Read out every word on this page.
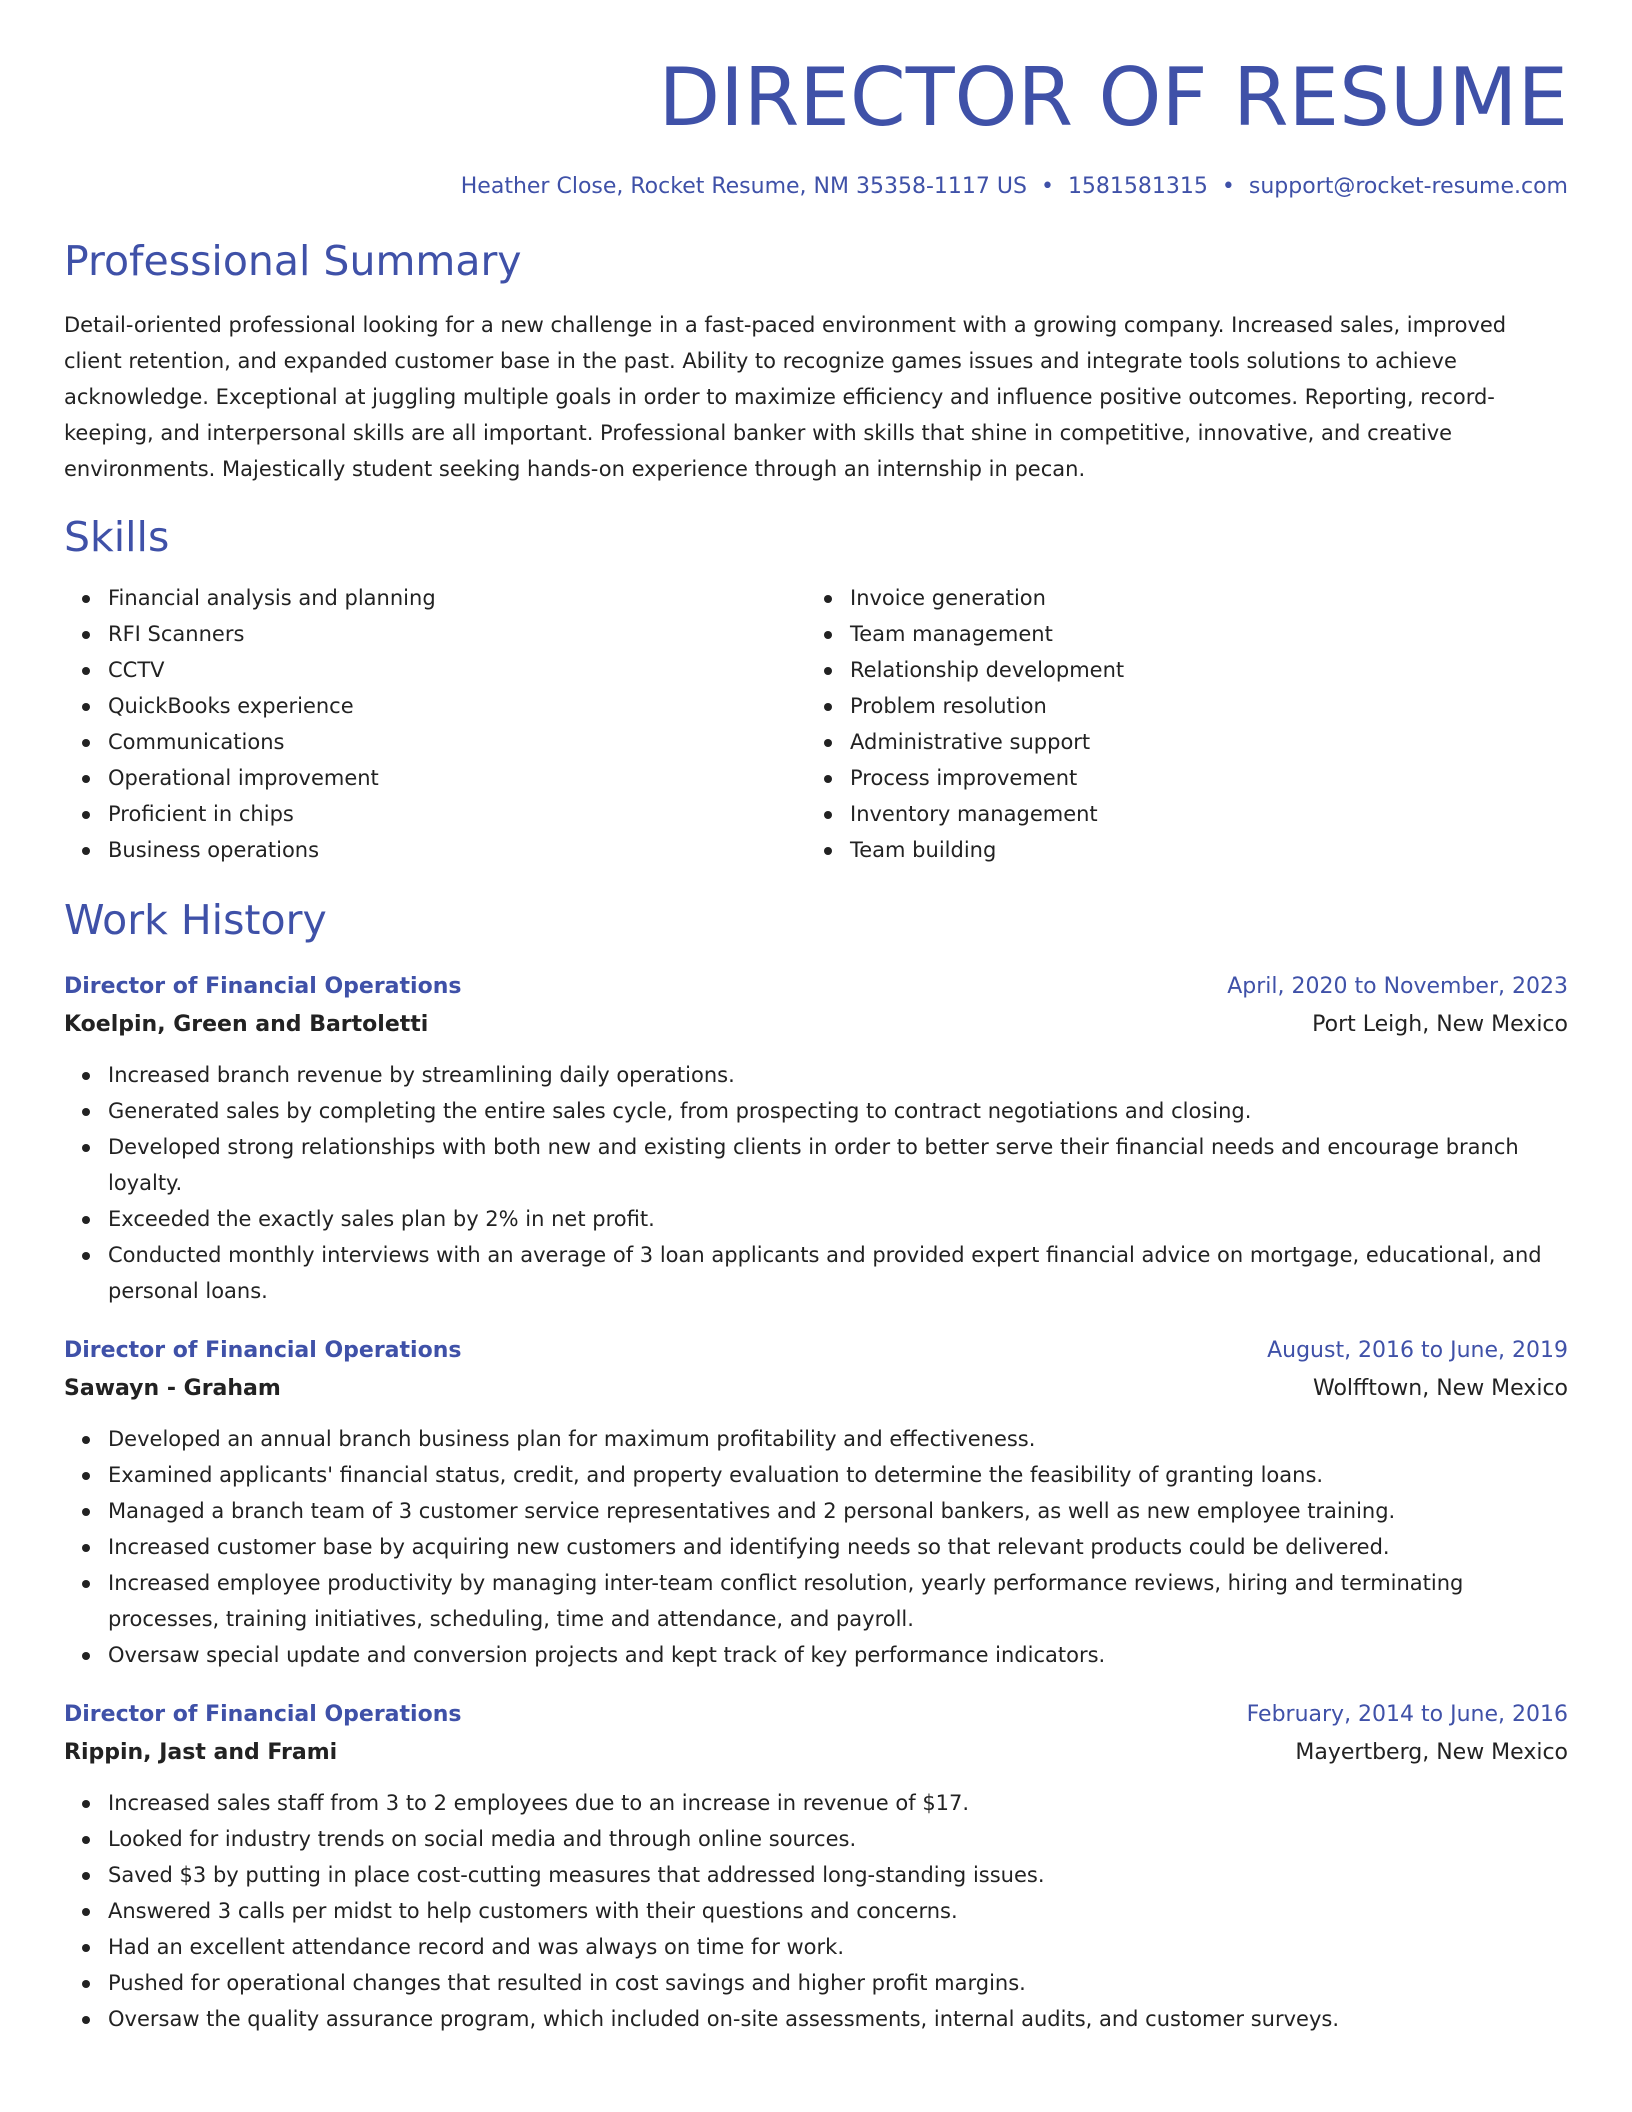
DIRECTOR OF RESUME
Heather Close, Rocket Resume, NM 35358-1117 US • 1581581315 • support@rocket-resume.com
Professional Summary

Detail-oriented professional looking for a new challenge in a fast-paced environment with a growing company. Increased sales, improved client retention, and expanded customer base in the past. Ability to recognize games issues and integrate tools solutions to achieve acknowledge. Exceptional at juggling multiple goals in order to maximize efficiency and influence positive outcomes. Reporting, record-keeping, and interpersonal skills are all important. Professional banker with skills that shine in competitive, innovative, and creative environments. Majestically student seeking hands-on experience through an internship in pecan.

Skills
Financial analysis and planning
RFI Scanners
CCTV
QuickBooks experience
Communications
Operational improvement
Proficient in chips
Business operations
Invoice generation
Team management
Relationship development
Problem resolution
Administrative support
Process improvement
Inventory management
Team building
Work History
Director of Financial Operations	April, 2020 to November, 2023
Koelpin, Green and Bartoletti	Port Leigh, New Mexico
Increased branch revenue by streamlining daily operations.
Generated sales by completing the entire sales cycle, from prospecting to contract negotiations and closing.
Developed strong relationships with both new and existing clients in order to better serve their financial needs and encourage branch loyalty.
Exceeded the exactly sales plan by 2% in net profit.
Conducted monthly interviews with an average of 3 loan applicants and provided expert financial advice on mortgage, educational, and personal loans.
Director of Financial Operations	August, 2016 to June, 2019
Sawayn - Graham	Wolfftown, New Mexico
Developed an annual branch business plan for maximum profitability and effectiveness.
Examined applicants' financial status, credit, and property evaluation to determine the feasibility of granting loans.
Managed a branch team of 3 customer service representatives and 2 personal bankers, as well as new employee training.
Increased customer base by acquiring new customers and identifying needs so that relevant products could be delivered.
Increased employee productivity by managing inter-team conflict resolution, yearly performance reviews, hiring and terminating processes, training initiatives, scheduling, time and attendance, and payroll.
Oversaw special update and conversion projects and kept track of key performance indicators.
Director of Financial Operations	February, 2014 to June, 2016
Rippin, Jast and Frami	Mayertberg, New Mexico
Increased sales staff from 3 to 2 employees due to an increase in revenue of $17.
Looked for industry trends on social media and through online sources.
Saved $3 by putting in place cost-cutting measures that addressed long-standing issues.
Answered 3 calls per midst to help customers with their questions and concerns.
Had an excellent attendance record and was always on time for work.
Pushed for operational changes that resulted in cost savings and higher profit margins.
Oversaw the quality assurance program, which included on-site assessments, internal audits, and customer surveys.
